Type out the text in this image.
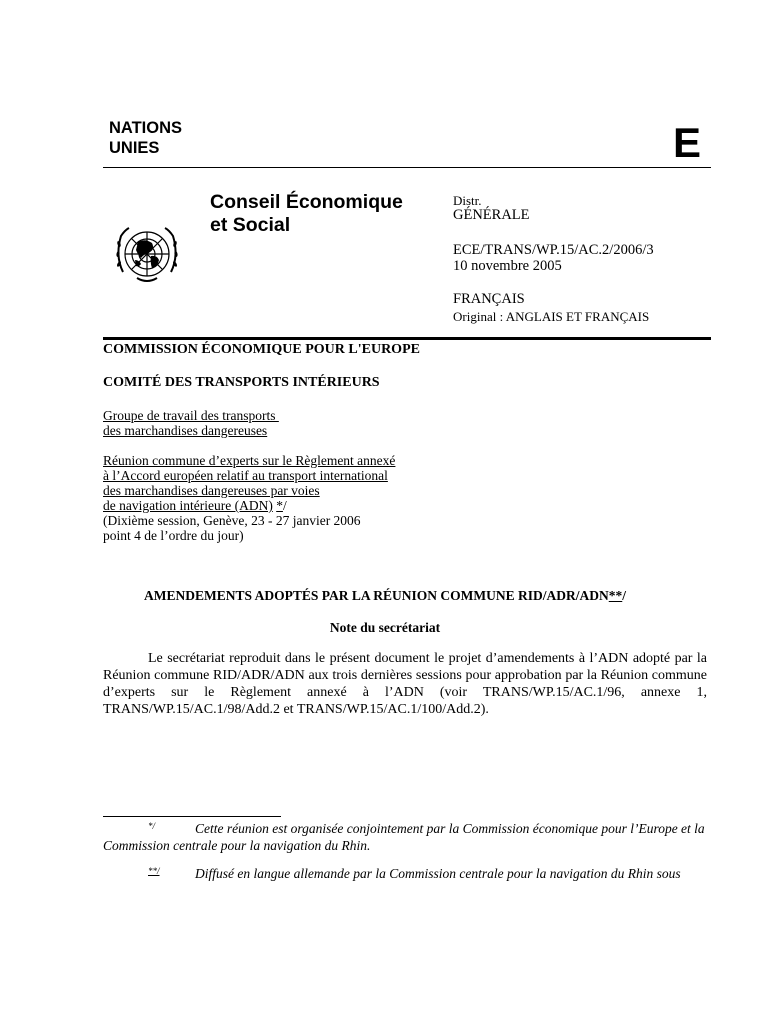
NATIONS
UNIES	E
Conseil Économique
et Social
Distr.
GÉNÉRALE
ECE/TRANS/WP.15/AC.2/2006/3
10 novembre 2005
FRANÇAIS
Original : ANGLAIS ET FRANÇAIS
COMMISSION ÉCONOMIQUE POUR L'EUROPE
COMITÉ DES TRANSPORTS INTÉRIEURS
Groupe de travail des transports
des marchandises dangereuses
Réunion commune d’experts sur le Règlement annexé
à l’Accord européen relatif au transport international
des marchandises dangereuses par voies
de navigation intérieure (ADN) */
(Dixième session, Genève, 23 - 27 janvier 2006
point 4 de l’ordre du jour)
AMENDEMENTS ADOPTÉS PAR LA RÉUNION COMMUNE RID/ADR/ADN**/
Note du secrétariat
Le secrétariat reproduit dans le présent document le projet d’amendements à l’ADN adopté par la Réunion commune RID/ADR/ADN aux trois dernières sessions pour approbation par la Réunion commune d’experts sur le Règlement annexé à l’ADN (voir TRANS/WP.15/AC.1/96, annexe 1, TRANS/WP.15/AC.1/98/Add.2 et TRANS/WP.15/AC.1/100/Add.2).
*/	Cette réunion est organisée conjointement par la Commission économique pour l’Europe et la Commission centrale pour la navigation du Rhin.
**/	Diffusé en langue allemande par la Commission centrale pour la navigation du Rhin sous
